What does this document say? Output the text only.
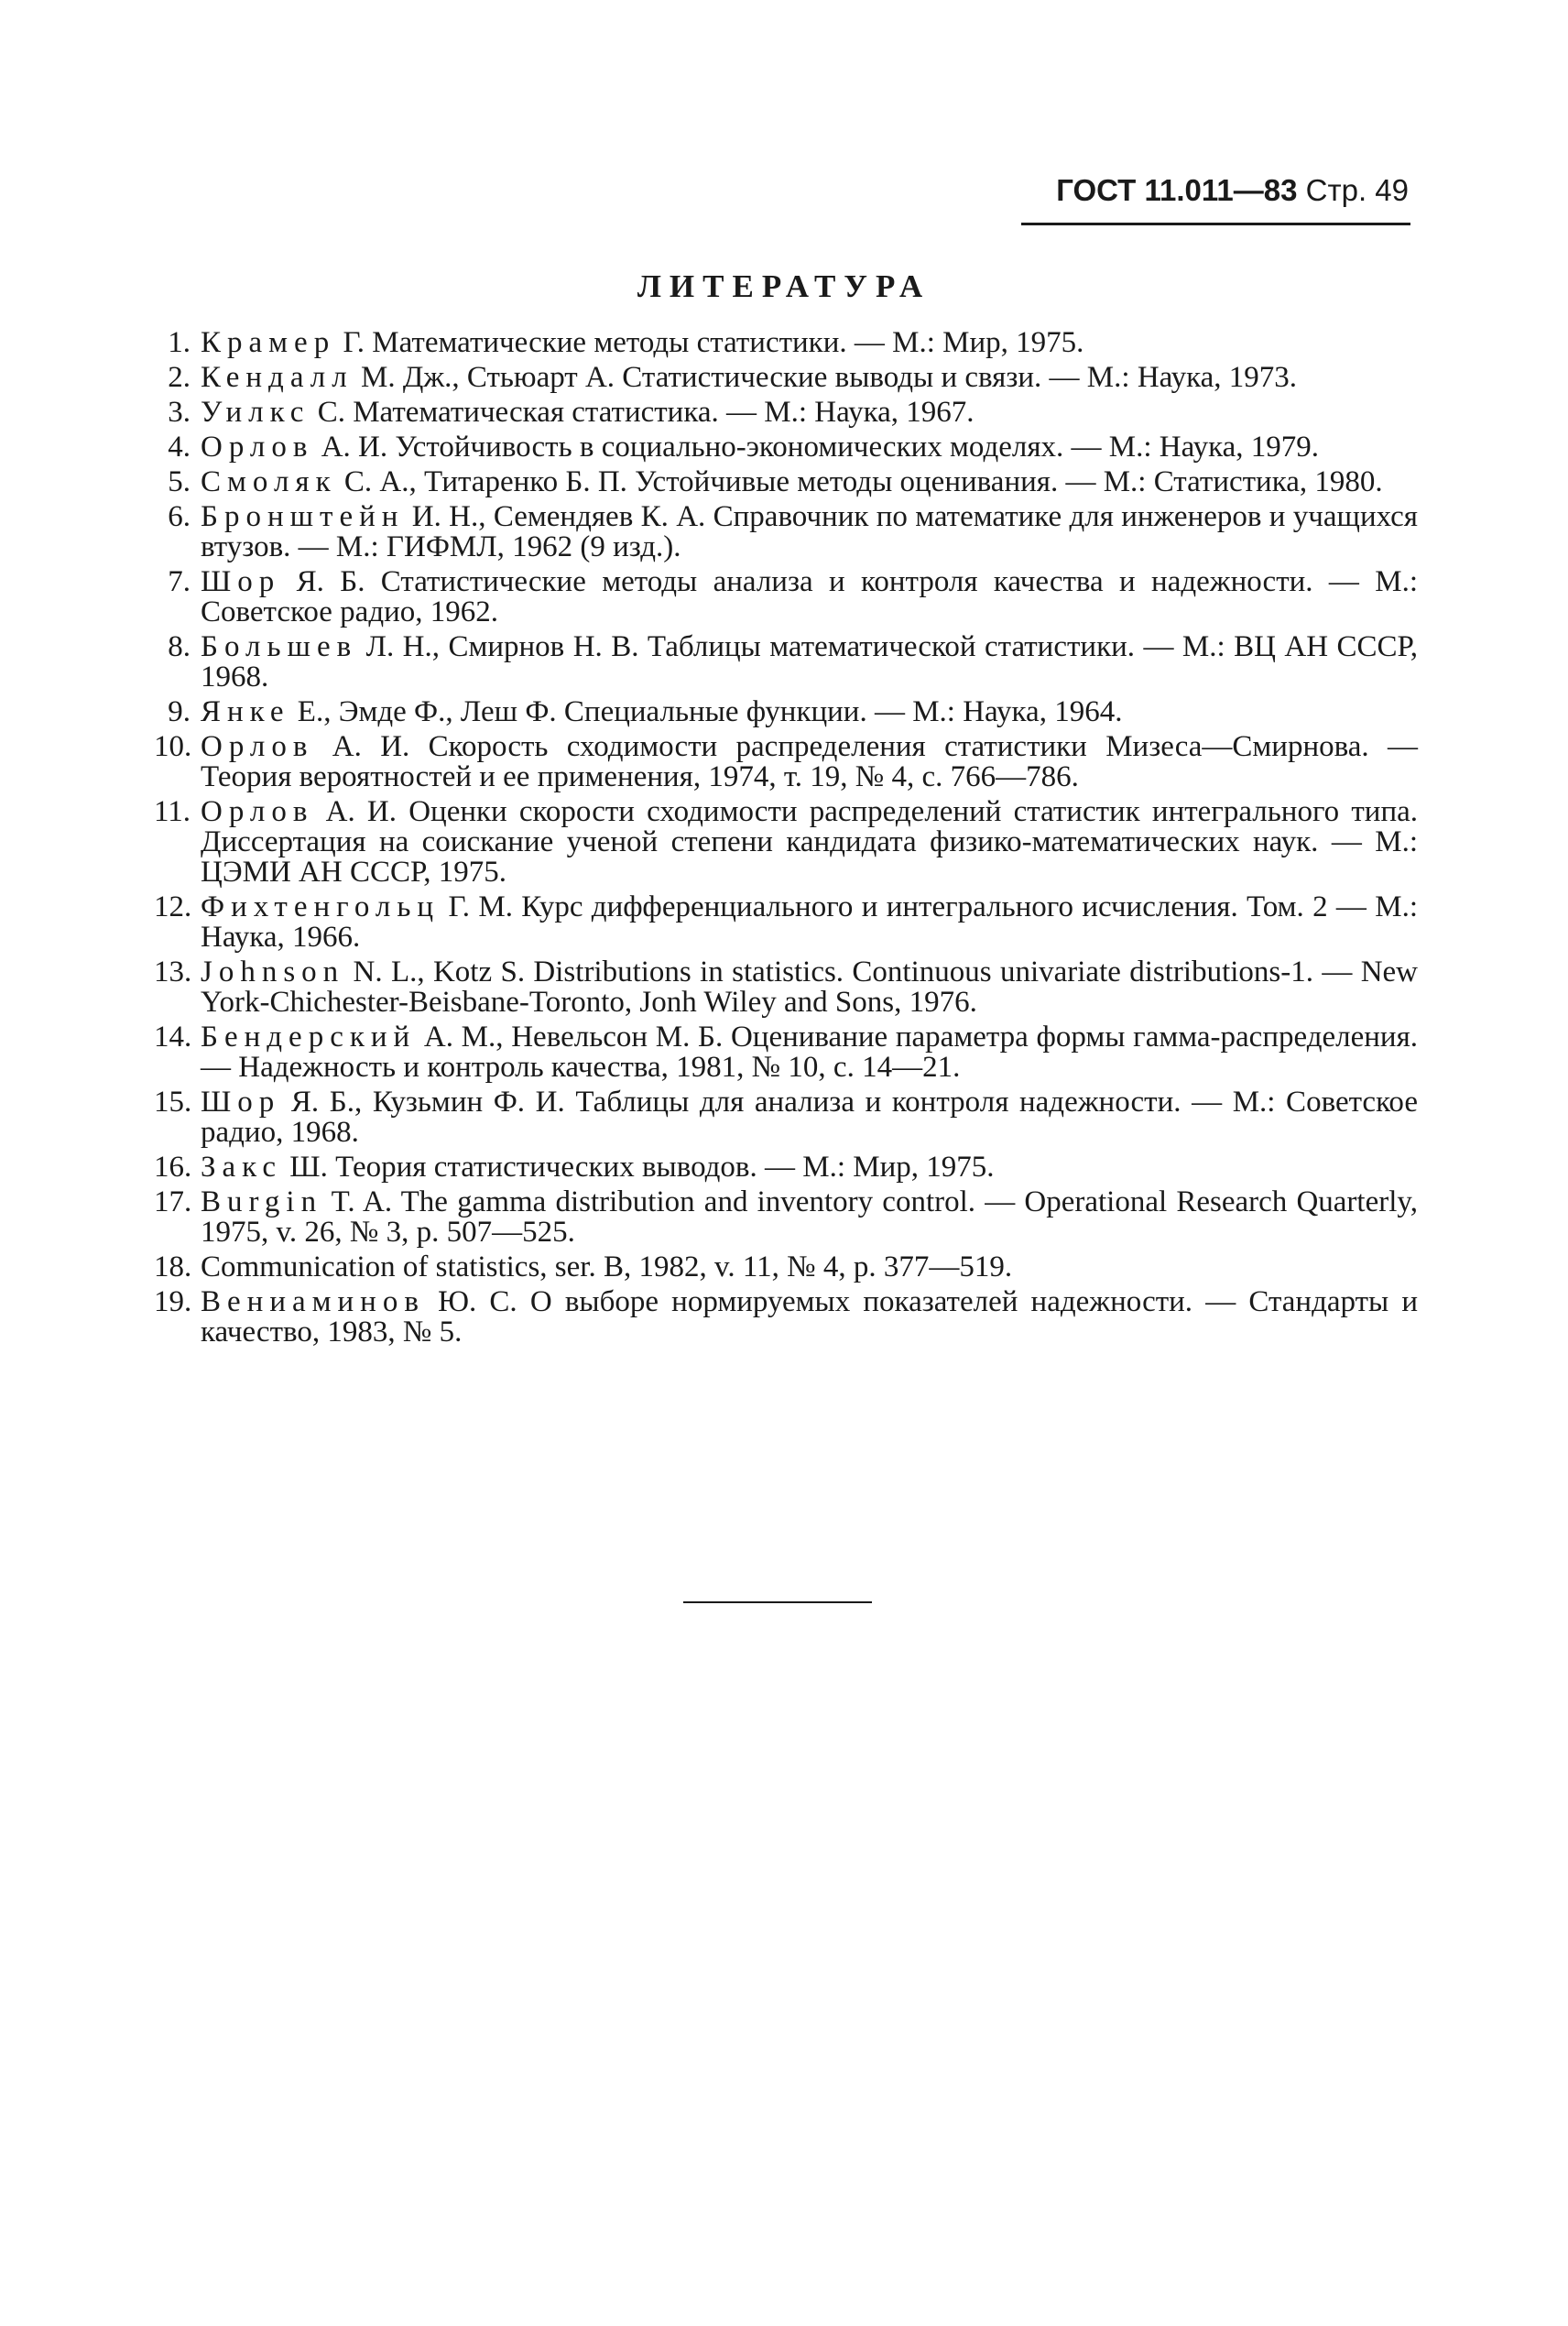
ГОСТ 11.011—83 Стр. 49
ЛИТЕРАТУРА
1. Крамер Г. Математические методы статистики. — М.: Мир, 1975.
2. Кендалл М. Дж., Стьюарт А. Статистические выводы и связи. — М.: Наука, 1973.
3. Уилкс С. Математическая статистика. — М.: Наука, 1967.
4. Орлов А. И. Устойчивость в социально-экономических моделях. — М.: Наука, 1979.
5. Смоляк С. А., Титаренко Б. П. Устойчивые методы оценивания. — М.: Статистика, 1980.
6. Бронштейн И. Н., Семендяев К. А. Справочник по математике для инженеров и учащихся втузов. — М.: ГИФМЛ, 1962 (9 изд.).
7. Шор Я. Б. Статистические методы анализа и контроля качества и надежности. — М.: Советское радио, 1962.
8. Большев Л. Н., Смирнов Н. В. Таблицы математической статистики. — М.: ВЦ АН СССР, 1968.
9. Янке Е., Эмде Ф., Леш Ф. Специальные функции. — М.: Наука, 1964.
10. Орлов А. И. Скорость сходимости распределения статистики Мизеса—Смирнова. — Теория вероятностей и ее применения, 1974, т. 19, № 4, с. 766—786.
11. Орлов А. И. Оценки скорости сходимости распределений статистик интегрального типа. Диссертация на соискание ученой степени кандидата физико-математических наук. — М.: ЦЭМИ АН СССР, 1975.
12. Фихтенгольц Г. М. Курс дифференциального и интегрального исчисления. Том. 2 — М.: Наука, 1966.
13. Johnson N. L., Kotz S. Distributions in statistics. Continuous univariate distributions-1. — New York-Chichester-Beisbane-Toronto, Jonh Wiley and Sons, 1976.
14. Бендерский А. М., Невельсон М. Б. Оценивание параметра формы гамма-распределения. — Надежность и контроль качества, 1981, № 10, с. 14—21.
15. Шор Я. Б., Кузьмин Ф. И. Таблицы для анализа и контроля надежности. — М.: Советское радио, 1968.
16. Закс Ш. Теория статистических выводов. — М.: Мир, 1975.
17. Burgin T. A. The gamma distribution and inventory control. — Operational Research Quarterly, 1975, v. 26, № 3, p. 507—525.
18. Communication of statistics, ser. B, 1982, v. 11, № 4, p. 377—519.
19. Вениаминов Ю. С. О выборе нормируемых показателей надежности. — Стандарты и качество, 1983, № 5.
